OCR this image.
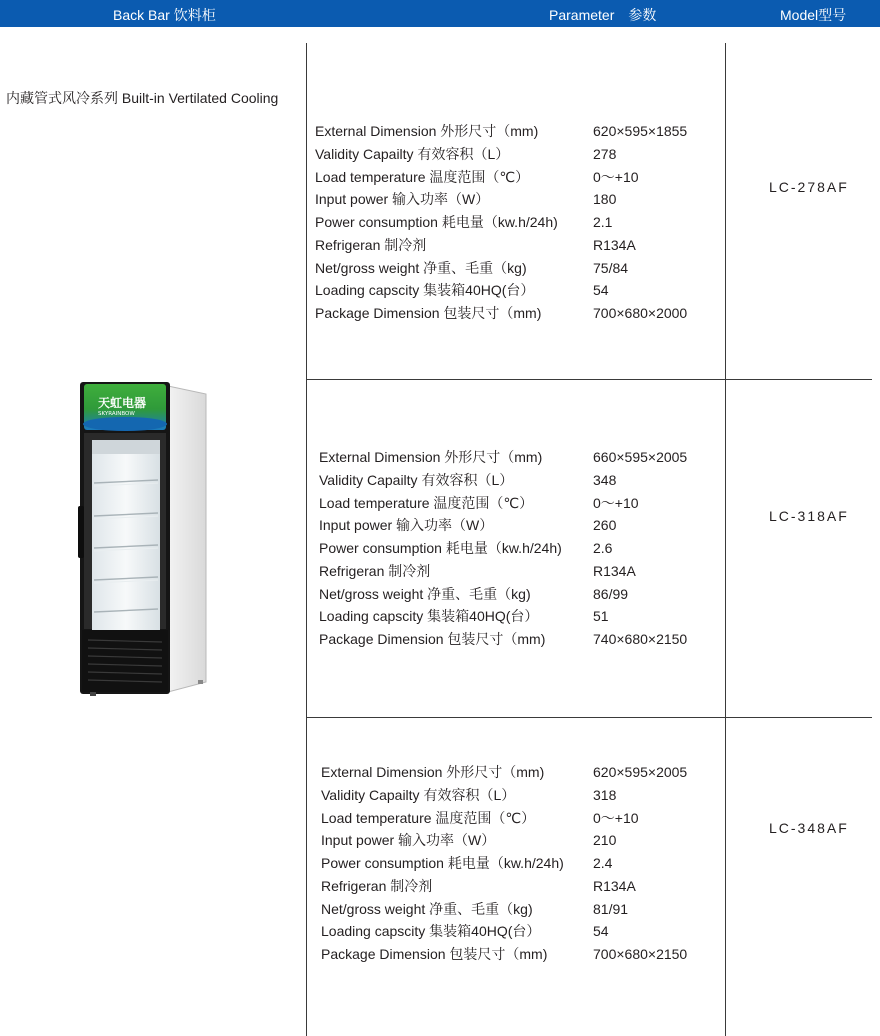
Back Bar 饮料柜	Parameter　参数	Model型号
内藏管式风冷系列 Built-in Vertilated Cooling
External Dimension 外形尺寸（mm)	620×595×1855
Validity Capailty 有效容积（L）	278
Load temperature 温度范围（℃）	0～+10
Input power 输入功率（W）	180
Power consumption 耗电量（kw.h/24h)	2.1
Refrigeran 制冷剂	R134A
Net/gross weight 净重、毛重（kg)	75/84
Loading capscity 集装箱40HQ(台）	54
Package Dimension 包装尺寸（mm)	700×680×2000
LC-278AF
External Dimension 外形尺寸（mm)	660×595×2005
Validity Capailty 有效容积（L）	348
Load temperature 温度范围（℃）	0～+10
Input power 输入功率（W）	260
Power consumption 耗电量（kw.h/24h) 2.6
Refrigeran 制冷剂	R134A
Net/gross weight 净重、毛重（kg)	86/99
Loading capscity 集装箱40HQ(台）	51
Package Dimension 包装尺寸（mm)	740×680×2150
LC-318AF
External Dimension 外形尺寸（mm)	620×595×2005
Validity Capailty 有效容积（L）	318
Load temperature 温度范围（℃）	0～+10
Input power 输入功率（W）	210
Power consumption 耗电量（kw.h/24h) 2.4
Refrigeran 制冷剂	R134A
Net/gross weight 净重、毛重（kg)	81/91
Loading capscity 集装箱40HQ(台）	54
Package Dimension 包装尺寸（mm)	700×680×2150
LC-348AF
天虹电器
SKYRAINBOW
